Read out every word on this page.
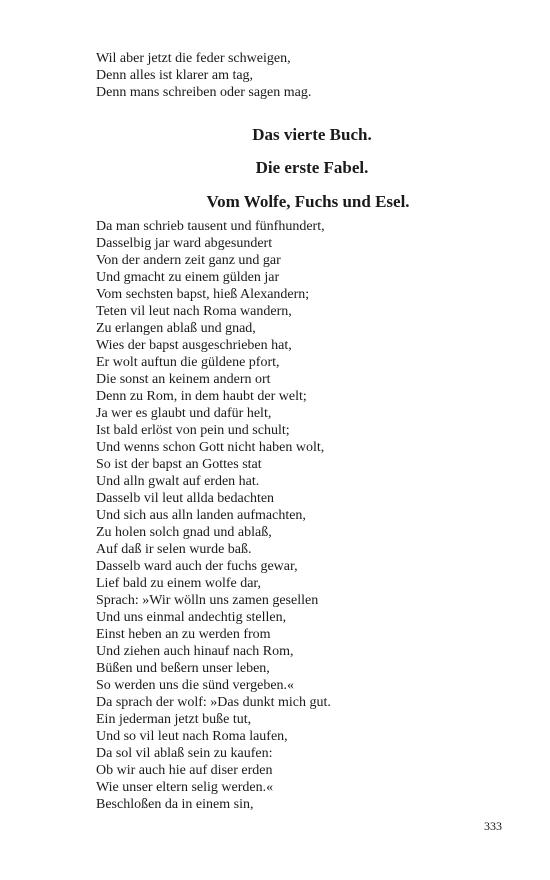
Wil aber jetzt die feder schweigen,
Denn alles ist klarer am tag,
Denn mans schreiben oder sagen mag.
Das vierte Buch.
Die erste Fabel.
Vom Wolfe, Fuchs und Esel.
Da man schrieb tausent und fünfhundert,
Dasselbig jar ward abgesundert
Von der andern zeit ganz und gar
Und gmacht zu einem gülden jar
Vom sechsten bapst, hieß Alexandern;
Teten vil leut nach Roma wandern,
Zu erlangen ablaß und gnad,
Wies der bapst ausgeschrieben hat,
Er wolt auftun die güldene pfort,
Die sonst an keinem andern ort
Denn zu Rom, in dem haubt der welt;
Ja wer es glaubt und dafür helt,
Ist bald erlöst von pein und schult;
Und wenns schon Gott nicht haben wolt,
So ist der bapst an Gottes stat
Und alln gwalt auf erden hat.
Dasselb vil leut allda bedachten
Und sich aus alln landen aufmachten,
Zu holen solch gnad und ablaß,
Auf daß ir selen wurde baß.
Dasselb ward auch der fuchs gewar,
Lief bald zu einem wolfe dar,
Sprach: »Wir wölln uns zamen gesellen
Und uns einmal andechtig stellen,
Einst heben an zu werden from
Und ziehen auch hinauf nach Rom,
Büßen und beßern unser leben,
So werden uns die sünd vergeben.«
Da sprach der wolf: »Das dunkt mich gut.
Ein jederman jetzt buße tut,
Und so vil leut nach Roma laufen,
Da sol vil ablaß sein zu kaufen:
Ob wir auch hie auf diser erden
Wie unser eltern selig werden.«
Beschloßen da in einem sin,
333
